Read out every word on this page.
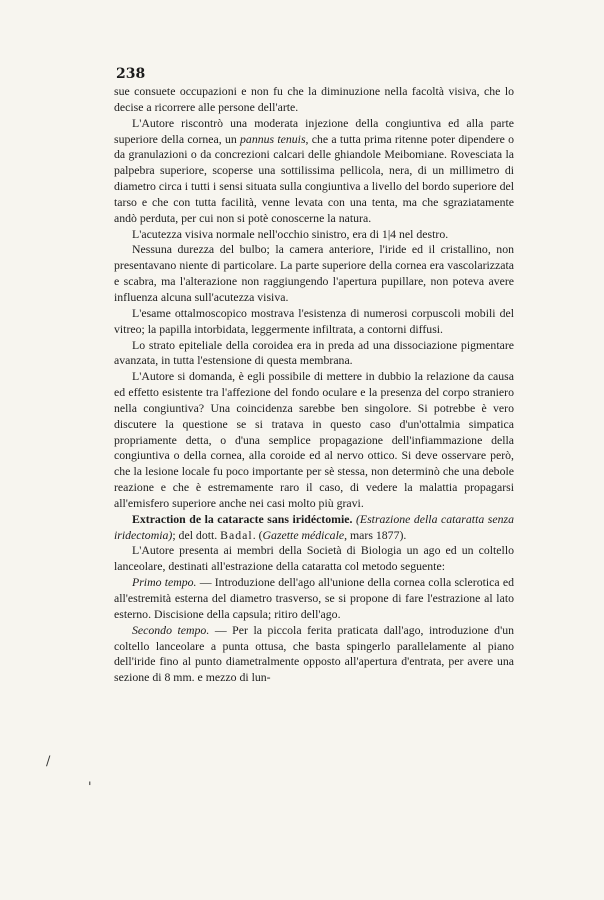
238

sue consuete occupazioni e non fu che la diminuzione nella facoltà visiva, che lo decise a ricorrere alle persone dell'arte.

L'Autore riscontrò una moderata injezione della congiuntiva ed alla parte superiore della cornea, un pannus tenuis, che a tutta prima ritenne poter dipendere o da granulazioni o da concrezioni calcari delle ghiandole Meibomiane. Rovesciata la palpebra superiore, scoperse una sottilissima pellicola, nera, di un millimetro di diametro circa i tutti i sensi situata sulla congiuntiva a livello del bordo superiore del tarso e che con tutta facilità, venne levata con una tenta, ma che sgraziatamente andò perduta, per cui non si potè conoscerne la natura.

L'acutezza visiva normale nell'occhio sinistro, era di 1|4 nel destro.

Nessuna durezza del bulbo; la camera anteriore, l'iride ed il cristallino, non presentavano niente di particolare. La parte superiore della cornea era vascolarizzata e scabra, ma l'alterazione non raggiungendo l'apertura pupillare, non poteva avere influenza alcuna sull'acutezza visiva.

L'esame ottalmoscopico mostrava l'esistenza di numerosi corpuscoli mobili del vitreo; la papilla intorbidata, leggermente infiltrata, a contorni diffusi.

Lo strato epiteliale della coroidea era in preda ad una dissociazione pigmentare avanzata, in tutta l'estensione di questa membrana.

L'Autore si domanda, è egli possibile di mettere in dubbio la relazione da causa ed effetto esistente tra l'affezione del fondo oculare e la presenza del corpo straniero nella congiuntiva? Una coincidenza sarebbe ben singolore. Si potrebbe è vero discutere la questione se si tratava in questo caso d'un'ottalmia simpatica propriamente detta, o d'una semplice propagazione dell'infiammazione della congiuntiva o della cornea, alla coroide ed al nervo ottico. Si deve osservare però, che la lesione locale fu poco importante per sè stessa, non determinò che una debole reazione e che è estremamente raro il caso, di vedere la malattia propagarsi all'emisfero superiore anche nei casi molto più gravi.

Extraction de la cataracte sans iridéctomie. (Estrazione della cataratta senza iridectomia); del dott. Badal. (Gazette médicale, mars 1877).

L'Autore presenta ai membri della Società di Biologia un ago ed un coltello lanceolare, destinati all'estrazione della cataratta col metodo seguente:

Primo tempo. — Introduzione dell'ago all'unione della cornea colla sclerotica ed all'estremità esterna del diametro trasverso, se si propone di fare l'estrazione al lato esterno. Discisione della capsula; ritiro dell'ago.

Secondo tempo. — Per la piccola ferita praticata dall'ago, introduzione d'un coltello lanceolare a punta ottusa, che basta spingerlo parallelamente al piano dell'iride fino al punto diametralmente opposto all'apertura d'entrata, per avere una sezione di 8 mm. e mezzo di lun-

/
'
